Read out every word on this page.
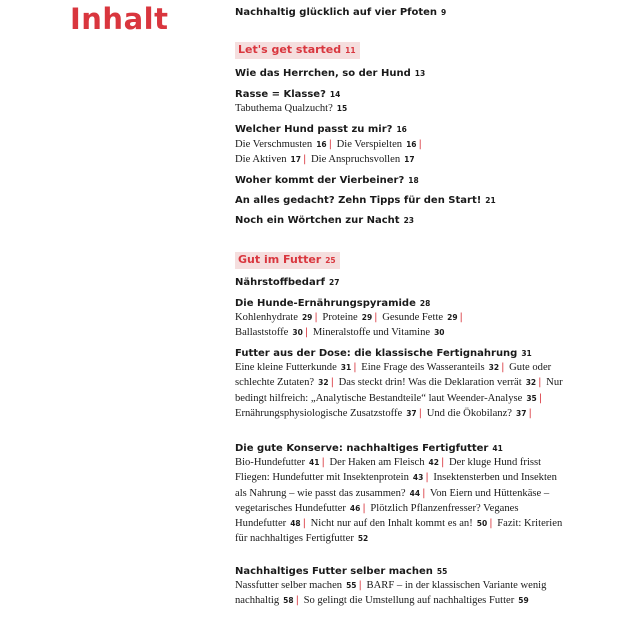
Inhalt	Nachhaltig glücklich auf vier Pfoten 9
Let's get started 11
Wie das Herrchen, so der Hund 13
Rasse = Klasse? 14
Tabuthema Qualzucht? 15
Welcher Hund passt zu mir? 16
Die Verschmusten 16 | Die Verspielten 16 |
Die Aktiven 17 | Die Anspruchsvollen 17
Woher kommt der Vierbeiner? 18
An alles gedacht? Zehn Tipps für den Start! 21
Noch ein Wörtchen zur Nacht 23
Gut im Futter 25
Nährstoffbedarf 27
Die Hunde-Ernährungspyramide 28
Kohlenhydrate 29 | Proteine 29 | Gesunde Fette 29 |
Ballaststoffe 30 | Mineralstoffe und Vitamine 30
Futter aus der Dose: die klassische Fertignahrung 31
Eine kleine Futterkunde 31 | Eine Frage des Wasseranteils 32 | Gute oder schlechte Zutaten? 32 | Das steckt drin! Was die Deklaration verrät 32 | Nur bedingt hilfreich: „Analytische Bestandteile“ laut Weender-Analyse 35 | Ernährungsphysiologische Zusatzstoffe 37 | Und die Ökobilanz? 37 |
Die gute Konserve: nachhaltiges Fertigfutter 41
Bio-Hundefutter 41 | Der Haken am Fleisch 42 | Der kluge Hund frisst Fliegen: Hundefutter mit Insektenprotein 43 | Insektensterben und Insekten als Nahrung – wie passt das zusammen? 44 | Von Eiern und Hüttenkäse – vegetarisches Hundefutter 46 | Plötzlich Pflanzenfresser? Veganes Hundefutter 48 | Nicht nur auf den Inhalt kommt es an! 50 | Fazit: Kriterien für nachhaltiges Fertigfutter 52
Nachhaltiges Futter selber machen 55
Nassfutter selber machen 55 | BARF – in der klassischen Variante wenig nachhaltig 58 | So gelingt die Umstellung auf nachhaltiges Futter 59
